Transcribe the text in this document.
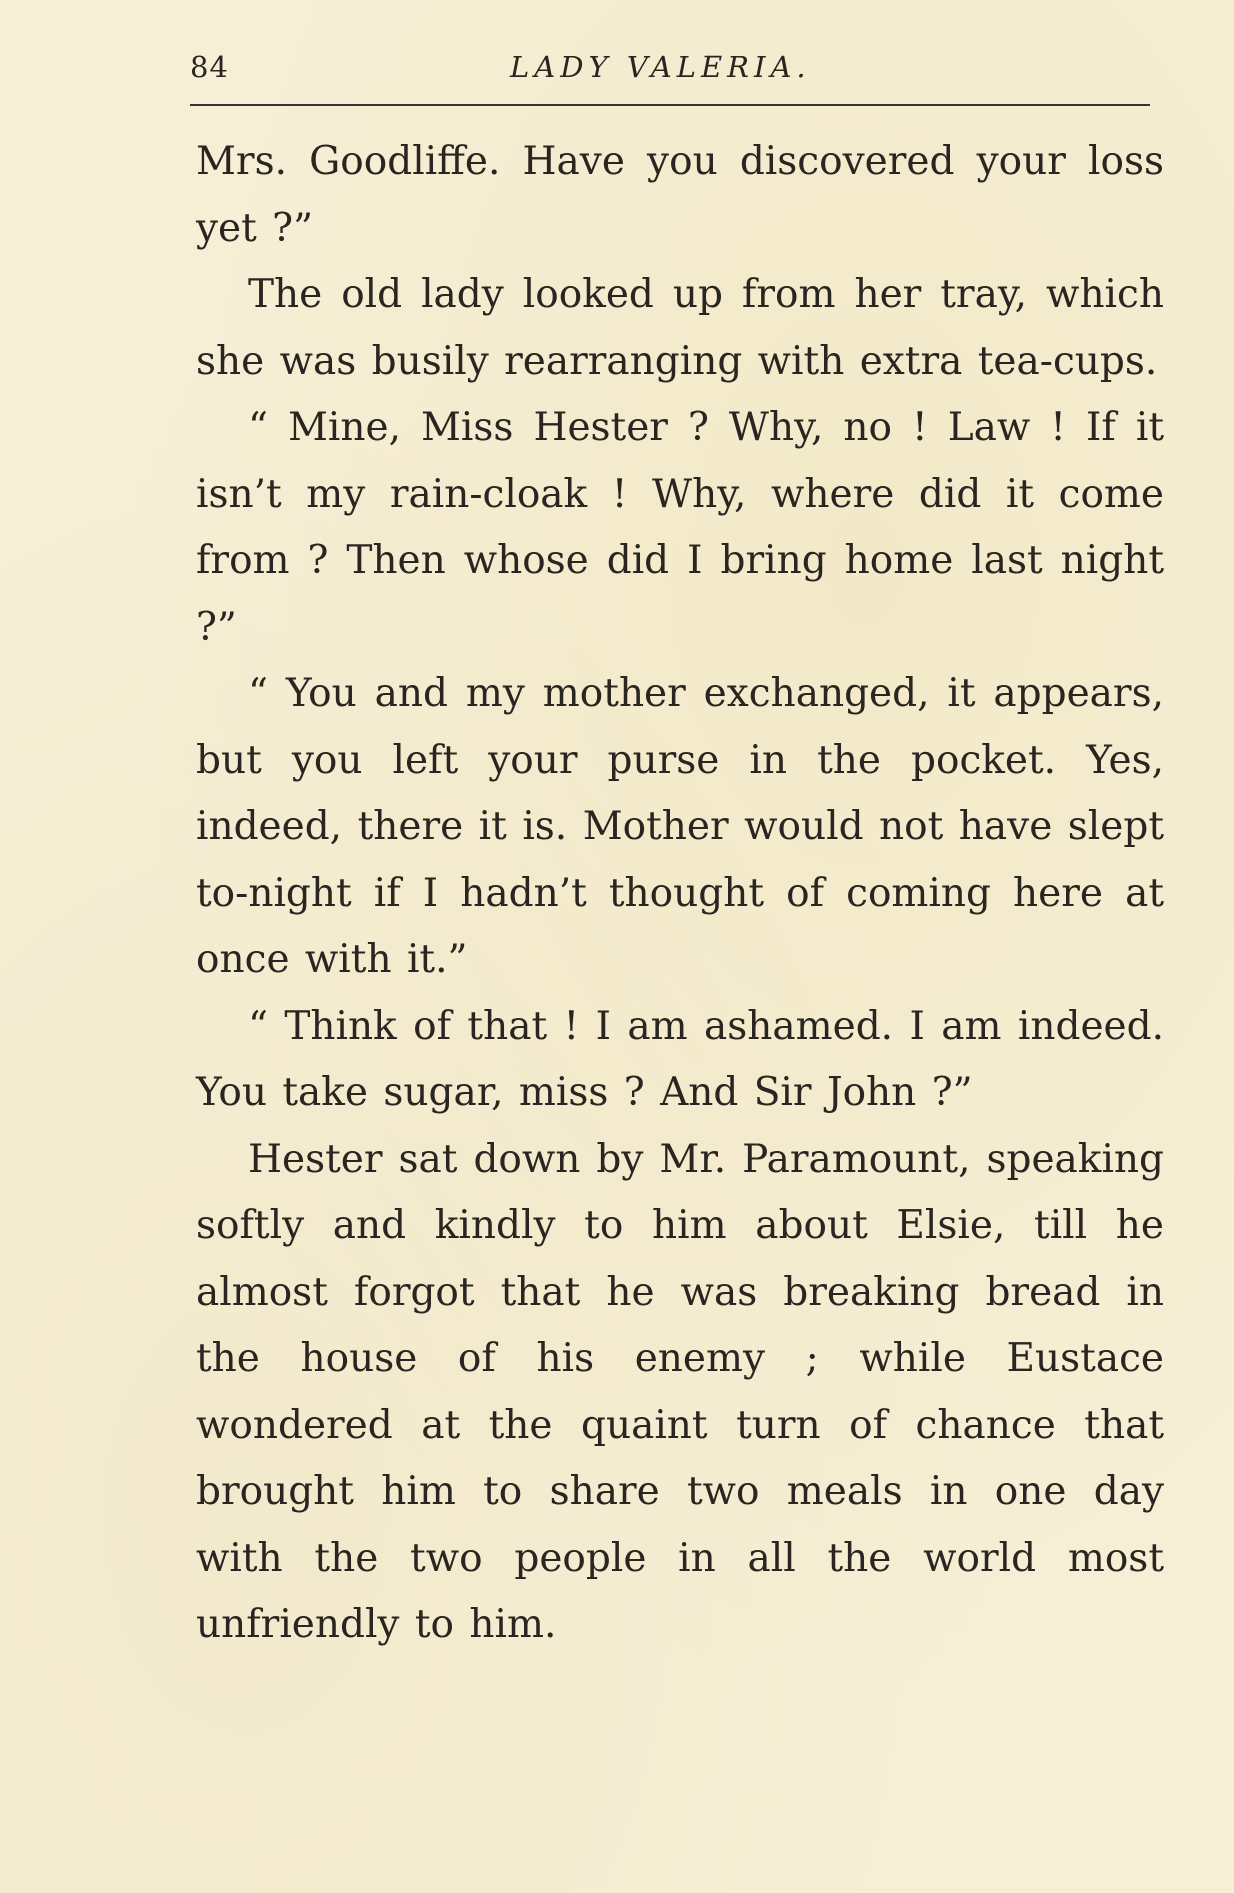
84	LADY VALERIA.

Mrs. Goodliffe. Have you discovered your loss yet ?”

The old lady looked up from her tray, which she was busily rearranging with extra tea-cups.

“ Mine, Miss Hester ? Why, no ! Law ! If it isn’t my rain-cloak ! Why, where did it come from ? Then whose did I bring home last night ?”

“ You and my mother exchanged, it appears, but you left your purse in the pocket. Yes, indeed, there it is. Mother would not have slept to-night if I hadn’t thought of coming here at once with it.”

“ Think of that ! I am ashamed. I am indeed. You take sugar, miss ? And Sir John ?”

Hester sat down by Mr. Paramount, speaking softly and kindly to him about Elsie, till he almost forgot that he was breaking bread in the house of his enemy ; while Eustace wondered at the quaint turn of chance that brought him to share two meals in one day with the two people in all the world most unfriendly to him.
